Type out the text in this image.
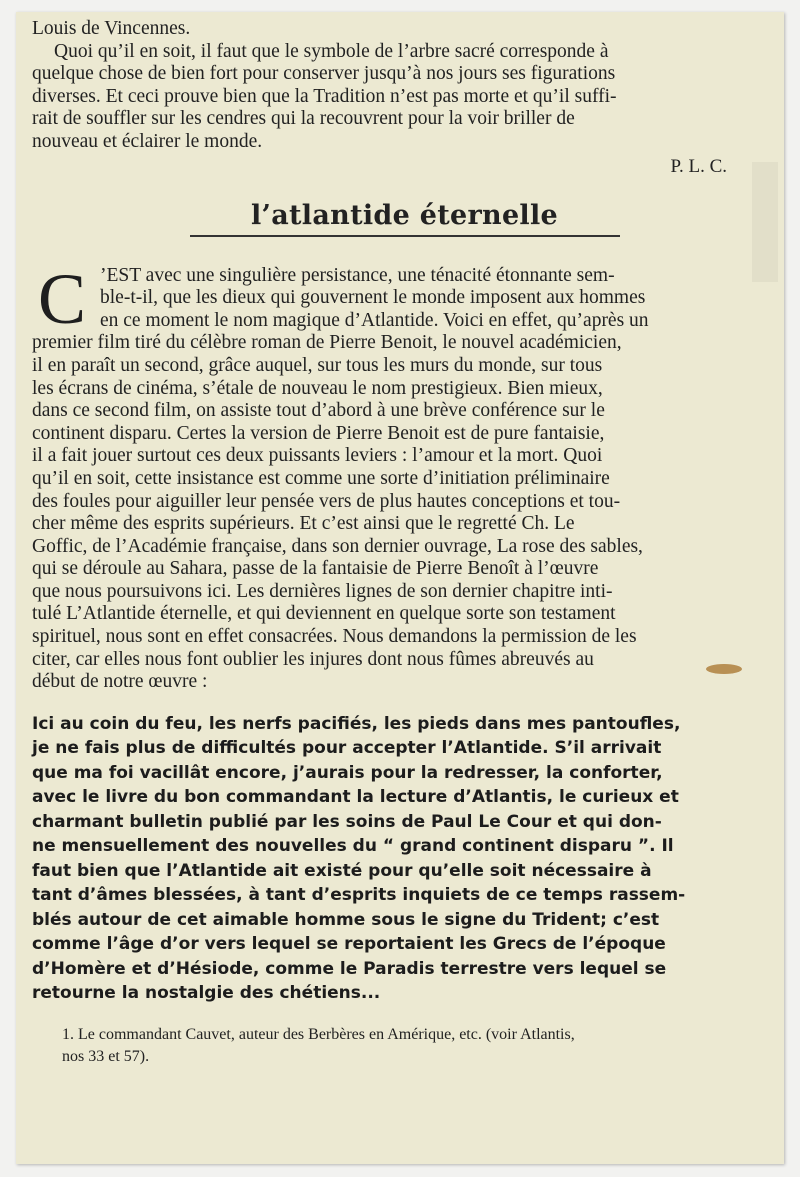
Louis de Vincennes.
Quoi qu’il en soit, il faut que le symbole de l’arbre sacré corresponde à
quelque chose de bien fort pour conserver jusqu’à nos jours ses figurations
diverses. Et ceci prouve bien que la Tradition n’est pas morte et qu’il suffi-
rait de souffler sur les cendres qui la recouvrent pour la voir briller de
nouveau et éclairer le monde.
P. L. C.
l’atlantide éternelle
C ’EST avec une singulière persistance, une ténacité étonnante sem-
ble-t-il, que les dieux qui gouvernent le monde imposent aux hommes
en ce moment le nom magique d’Atlantide. Voici en effet, qu’après un
premier film tiré du célèbre roman de Pierre Benoit, le nouvel académicien,
il en paraît un second, grâce auquel, sur tous les murs du monde, sur tous
les écrans de cinéma, s’étale de nouveau le nom prestigieux. Bien mieux,
dans ce second film, on assiste tout d’abord à une brève conférence sur le
continent disparu. Certes la version de Pierre Benoit est de pure fantaisie,
il a fait jouer surtout ces deux puissants leviers : l’amour et la mort. Quoi
qu’il en soit, cette insistance est comme une sorte d’initiation préliminaire
des foules pour aiguiller leur pensée vers de plus hautes conceptions et tou-
cher même des esprits supérieurs. Et c’est ainsi que le regretté Ch. Le
Goffic, de l’Académie française, dans son dernier ouvrage, La rose des sables,
qui se déroule au Sahara, passe de la fantaisie de Pierre Benoît à l’œuvre
que nous poursuivons ici. Les dernières lignes de son dernier chapitre inti-
tulé L’Atlantide éternelle, et qui deviennent en quelque sorte son testament
spirituel, nous sont en effet consacrées. Nous demandons la permission de les
citer, car elles nous font oublier les injures dont nous fûmes abreuvés au
début de notre œuvre :
Ici au coin du feu, les nerfs pacifiés, les pieds dans mes pantoufles,
je ne fais plus de difficultés pour accepter l’Atlantide. S’il arrivait
que ma foi vacillât encore, j’aurais pour la redresser, la conforter,
avec le livre du bon commandant la lecture d’Atlantis, le curieux et
charmant bulletin publié par les soins de Paul Le Cour et qui don-
ne mensuellement des nouvelles du “ grand continent disparu ”. Il
faut bien que l’Atlantide ait existé pour qu’elle soit nécessaire à
tant d’âmes blessées, à tant d’esprits inquiets de ce temps rassem-
blés autour de cet aimable homme sous le signe du Trident; c’est
comme l’âge d’or vers lequel se reportaient les Grecs de l’époque
d’Homère et d’Hésiode, comme le Paradis terrestre vers lequel se
retourne la nostalgie des chétiens...
1. Le commandant Cauvet, auteur des Berbères en Amérique, etc. (voir Atlantis,
nos 33 et 57).
